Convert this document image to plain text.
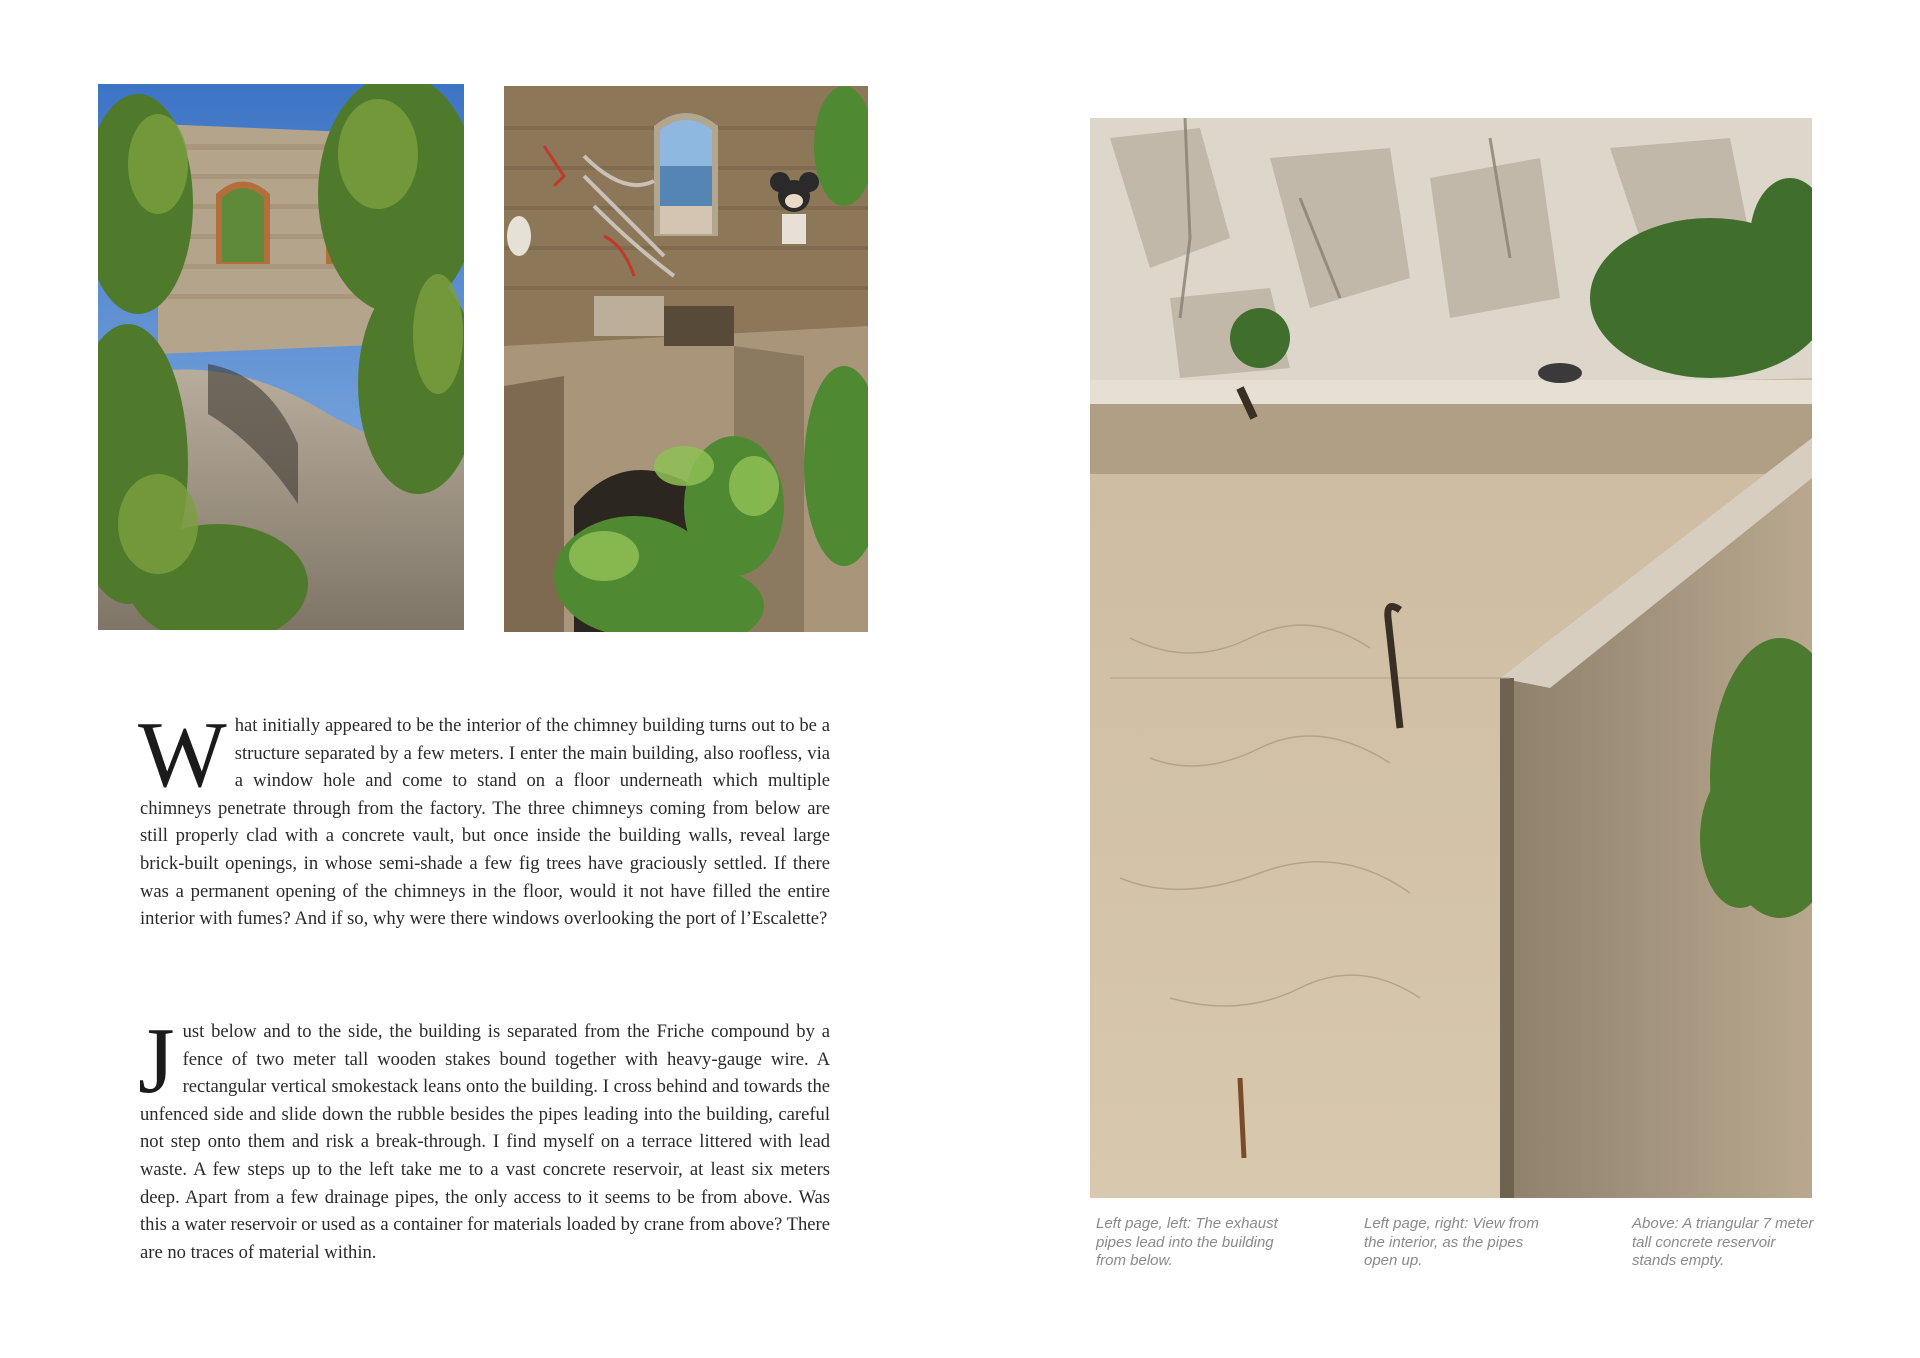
What initially appeared to be the interior of the chimney building turns out to be a structure separated by a few meters. I enter the main building, also roofless, via a window hole and come to stand on a floor underneath which multiple chimneys penetrate through from the factory. The three chimneys coming from below are still properly clad with a concrete vault, but once inside the building walls, reveal large brick-built openings, in whose semi-shade a few fig trees have graciously settled. If there was a permanent opening of the chimneys in the floor, would it not have filled the entire interior with fumes? And if so, why were there windows overlooking the port of l’Escalette?
Just below and to the side, the building is separated from the Friche compound by a fence of two meter tall wooden stakes bound together with heavy-gauge wire. A rectangular vertical smokestack leans onto the building. I cross behind and towards the unfenced side and slide down the rubble besides the pipes leading into the building, careful not step onto them and risk a break-through. I find myself on a terrace littered with lead waste. A few steps up to the left take me to a vast concrete reservoir, at least six meters deep. Apart from a few drainage pipes, the only access to it seems to be from above. Was this a water reservoir or used as a container for materials loaded by crane from above? There are no traces of material within.
Left page, left: The exhaust pipes lead into the building from below.
Left page, right: View from the interior, as the pipes open up.
Above: A triangular 7 meter tall concrete reservoir stands empty.
